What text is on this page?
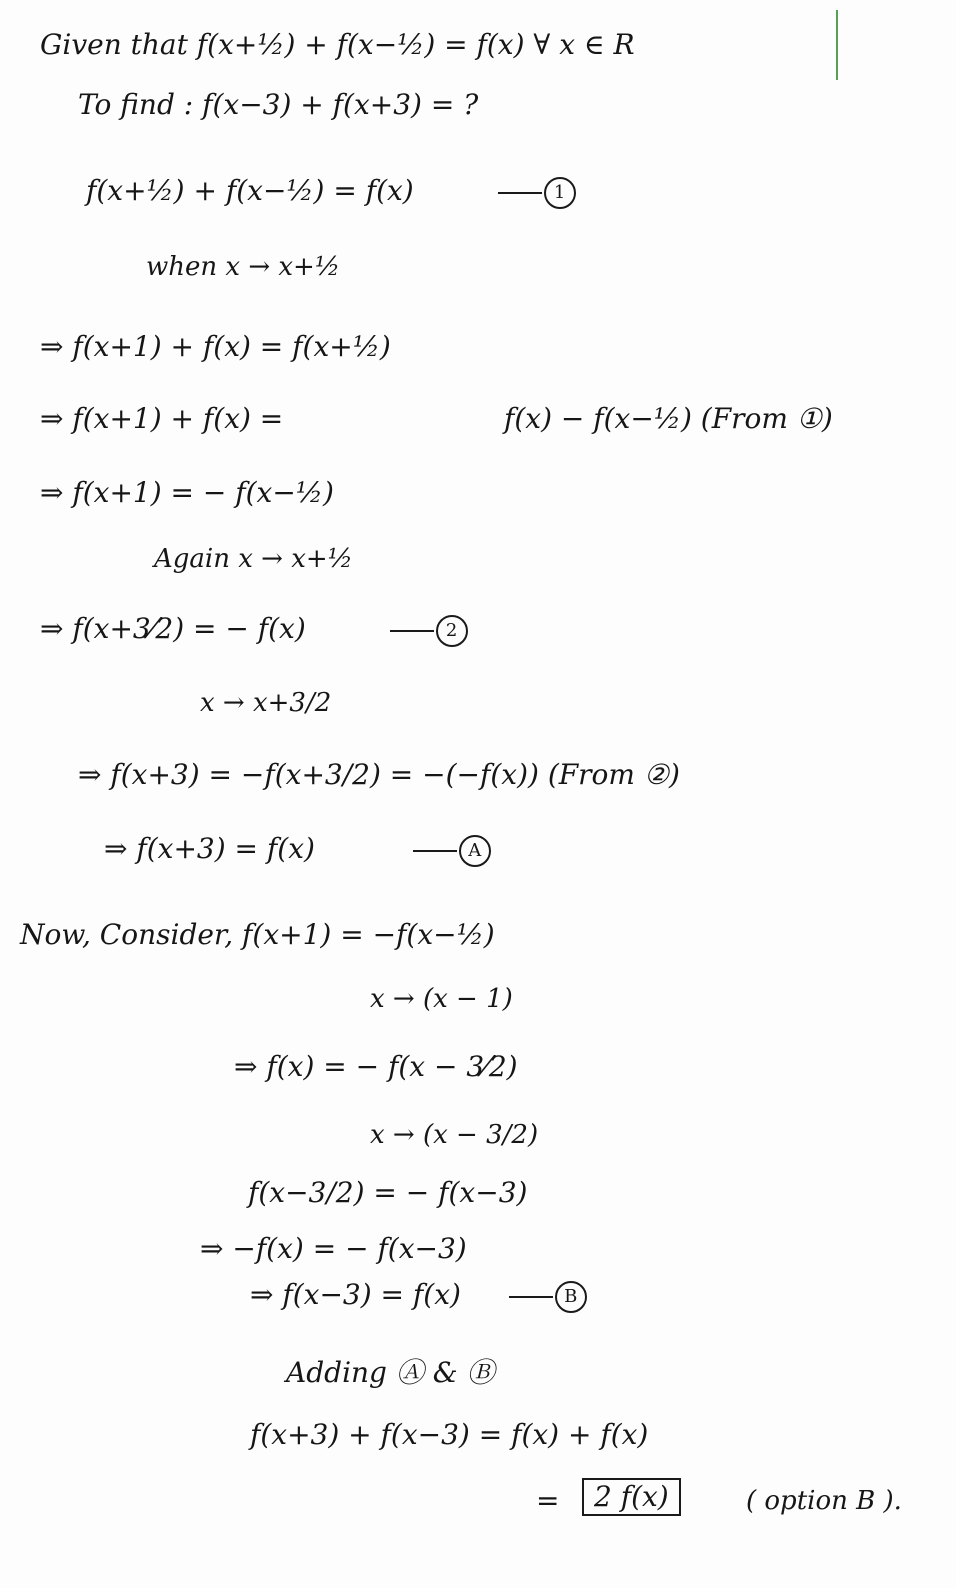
Given that f(x+½) + f(x−½) = f(x) ∀ x ∈ R
To find : f(x−3) + f(x+3) = ?
f(x+½) + f(x−½) = f(x)	1
when x → x+½
⇒ f(x+1) + f(x) = f(x+½)
⇒ f(x+1) + f(x) =	f(x) − f(x−½) (From ①)
⇒ f(x+1) = − f(x−½)
Again x → x+½
⇒ f(x+3⁄2) = − f(x)	2
x → x+3/2
⇒ f(x+3) = −f(x+3/2) = −(−f(x)) (From ②)
⇒ f(x+3) = f(x)	A
Now, Consider, f(x+1) = −f(x−½)
x → (x − 1)
⇒ f(x) = − f(x − 3⁄2)
x → (x − 3/2)
f(x−3/2) = − f(x−3)
⇒ −f(x) = − f(x−3)
⇒ f(x−3) = f(x)	B
Adding Ⓐ & Ⓑ
f(x+3) + f(x−3) = f(x) + f(x)
=	2 f(x)	( option B ).
